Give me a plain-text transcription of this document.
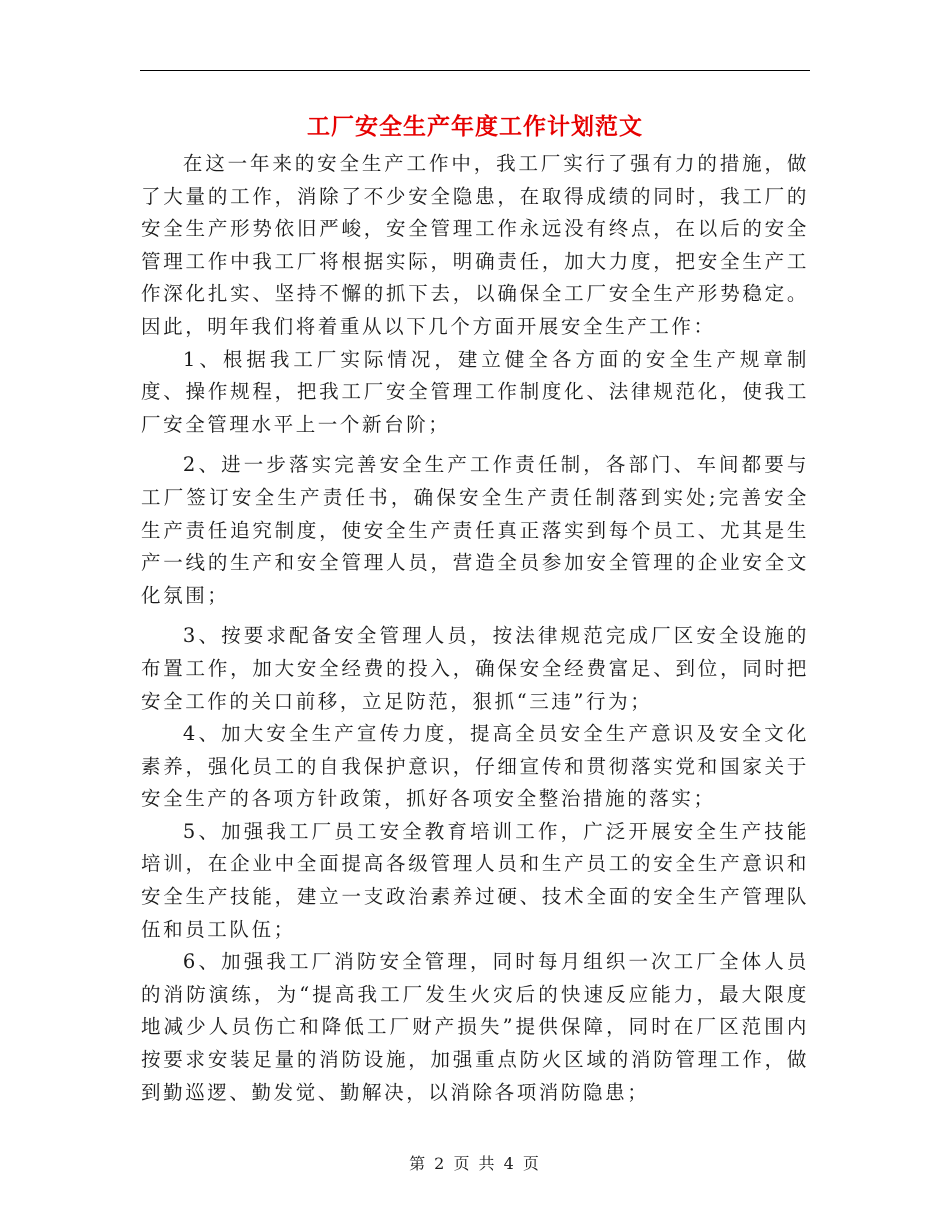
工厂安全生产年度工作计划范文

在这一年来的安全生产工作中，我工厂实行了强有力的措施，做了大量的工作，消除了不少安全隐患，在取得成绩的同时，我工厂的安全生产形势依旧严峻，安全管理工作永远没有终点，在以后的安全管理工作中我工厂将根据实际，明确责任，加大力度，把安全生产工作深化扎实、坚持不懈的抓下去，以确保全工厂安全生产形势稳定。因此，明年我们将着重从以下几个方面开展安全生产工作：

1、根据我工厂实际情况，建立健全各方面的安全生产规章制度、操作规程，把我工厂安全管理工作制度化、法律规范化，使我工厂安全管理水平上一个新台阶；

2、进一步落实完善安全生产工作责任制，各部门、车间都要与工厂签订安全生产责任书，确保安全生产责任制落到实处;完善安全生产责任追究制度，使安全生产责任真正落实到每个员工、尤其是生产一线的生产和安全管理人员，营造全员参加安全管理的企业安全文化氛围；

3、按要求配备安全管理人员，按法律规范完成厂区安全设施的布置工作，加大安全经费的投入，确保安全经费富足、到位，同时把安全工作的关口前移，立足防范，狠抓“三违”行为；

4、加大安全生产宣传力度，提高全员安全生产意识及安全文化素养，强化员工的自我保护意识，仔细宣传和贯彻落实党和国家关于安全生产的各项方针政策，抓好各项安全整治措施的落实；

5、加强我工厂员工安全教育培训工作，广泛开展安全生产技能培训，在企业中全面提高各级管理人员和生产员工的安全生产意识和安全生产技能，建立一支政治素养过硬、技术全面的安全生产管理队伍和员工队伍；

6、加强我工厂消防安全管理，同时每月组织一次工厂全体人员的消防演练，为“提高我工厂发生火灾后的快速反应能力，最大限度地减少人员伤亡和降低工厂财产损失”提供保障，同时在厂区范围内按要求安装足量的消防设施，加强重点防火区域的消防管理工作，做到勤巡逻、勤发觉、勤解决，以消除各项消防隐患；

第 2 页 共 4 页
